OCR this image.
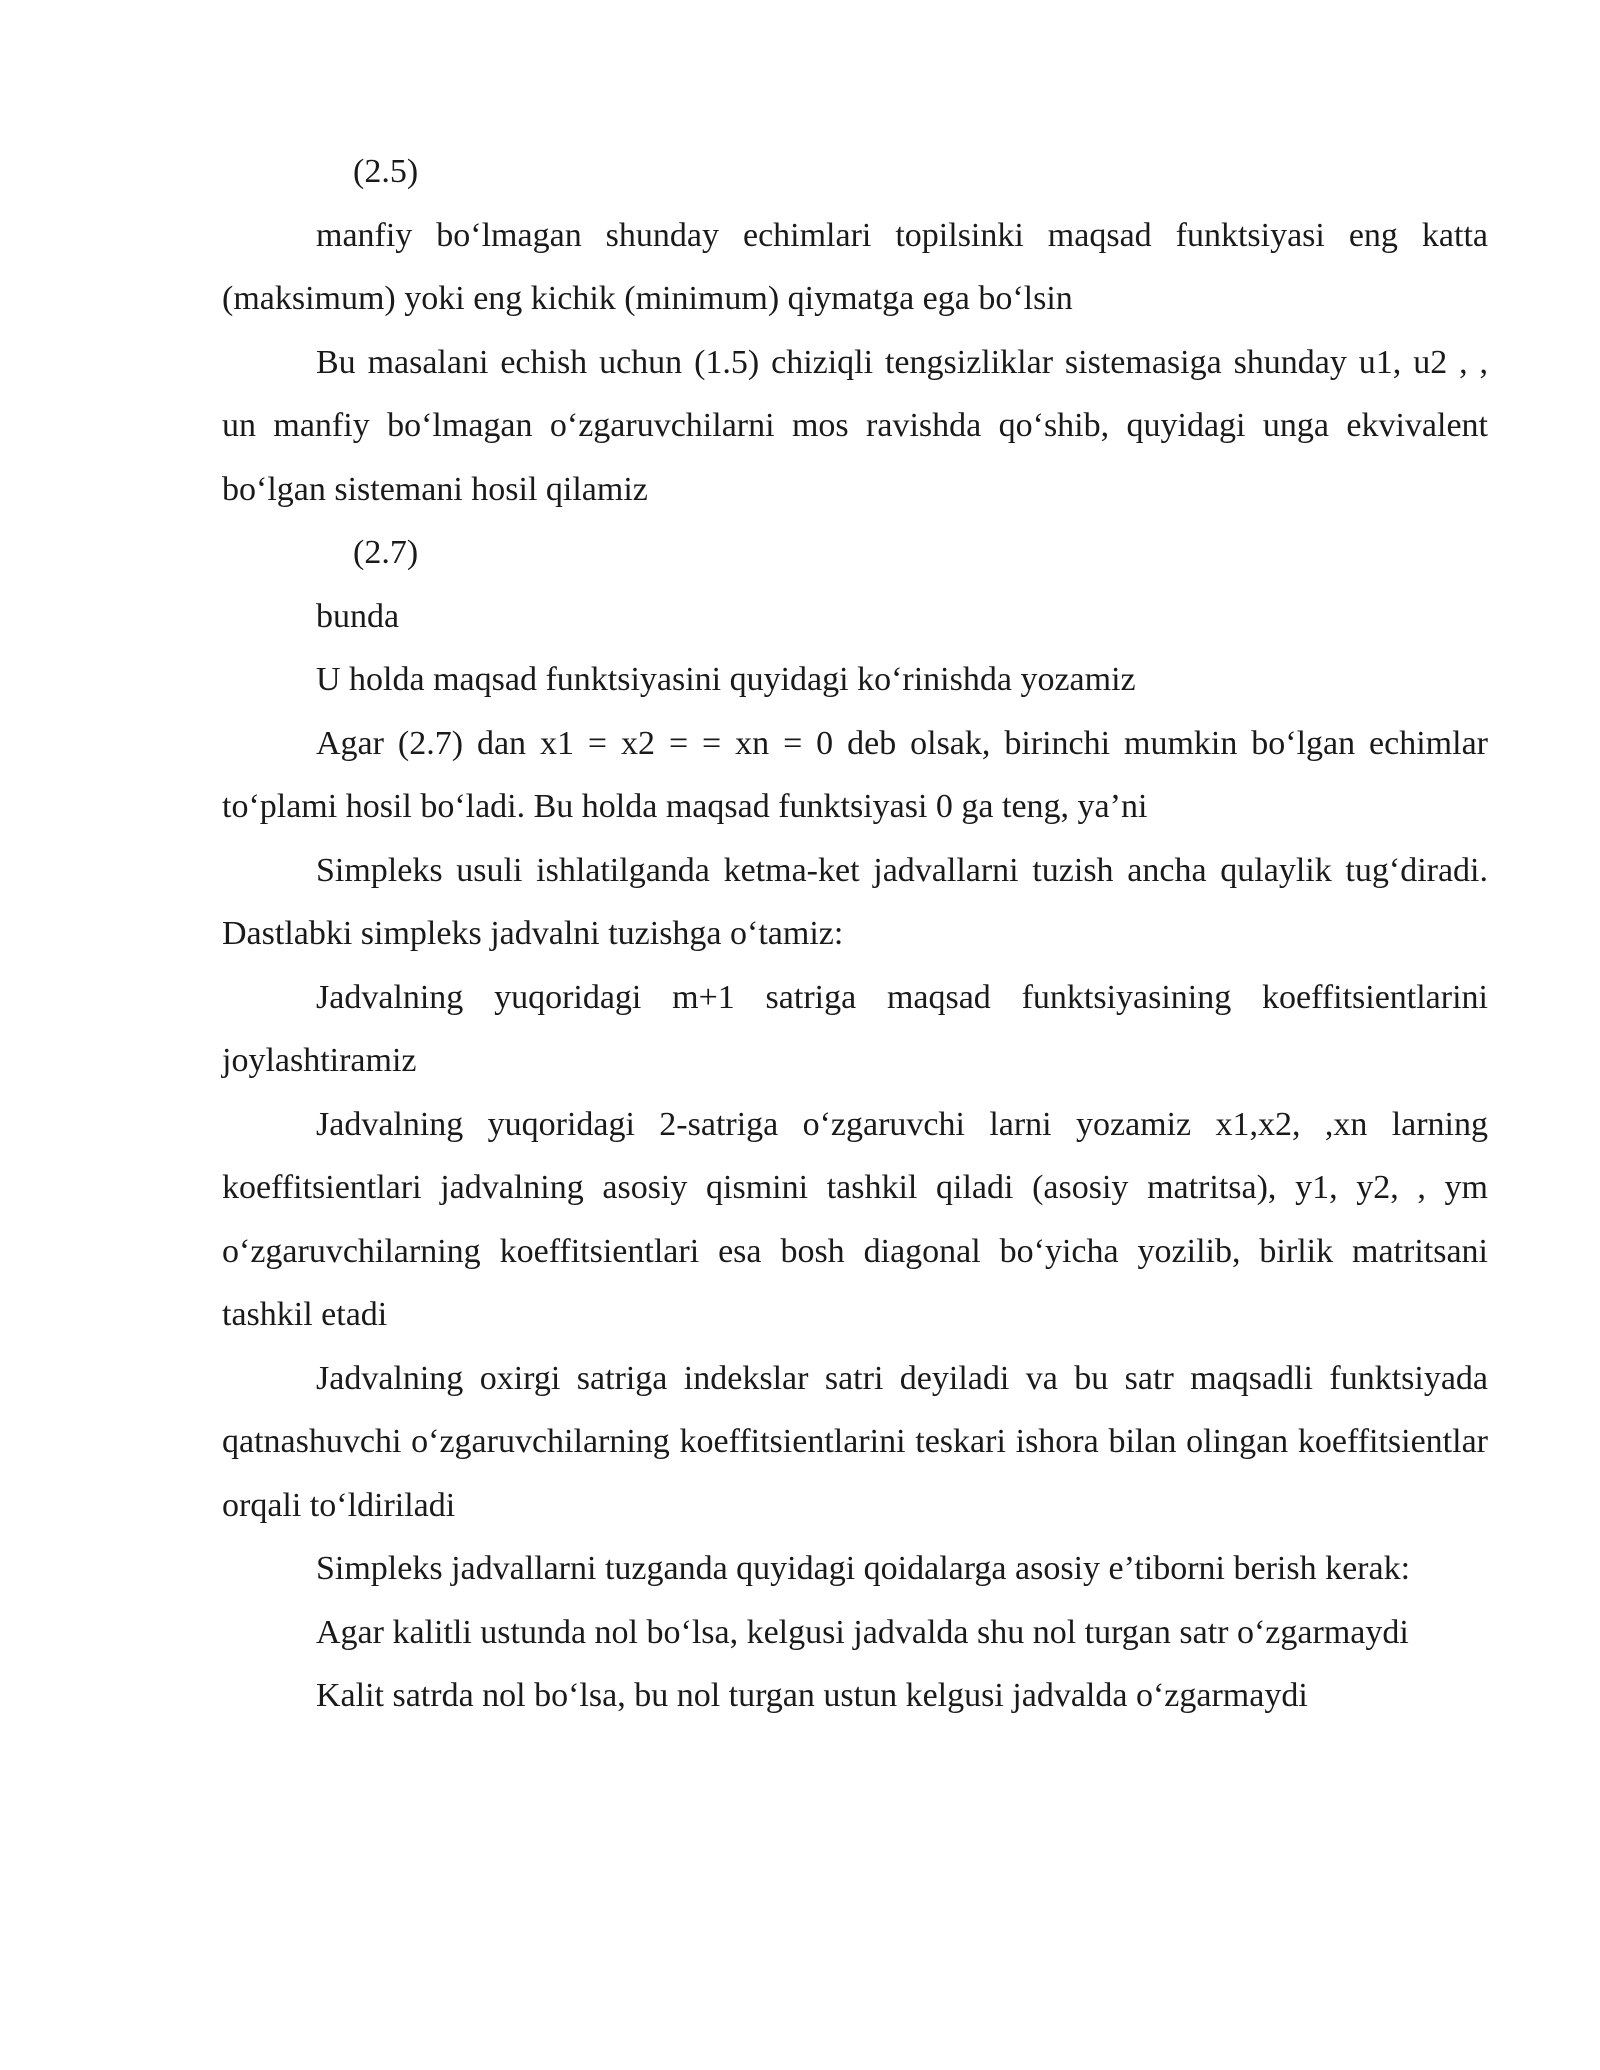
(2.5)

manfiy bo‘lmagan shunday echimlari topilsinki maqsad funktsiyasi eng katta (maksimum) yoki eng kichik (minimum) qiymatga ega bo‘lsin

Bu masalani echish uchun (1.5) chiziqli tengsizliklar sistemasiga shunday u1, u2 , , un manfiy bo‘lmagan o‘zgaruvchilarni mos ravishda qo‘shib, quyidagi unga ekvivalent bo‘lgan sistemani hosil qilamiz

(2.7)

bunda

U holda maqsad funktsiyasini quyidagi ko‘rinishda yozamiz

Agar (2.7) dan x1 = x2 = = xn = 0 deb olsak, birinchi mumkin bo‘lgan echimlar to‘plami hosil bo‘ladi. Bu holda maqsad funktsiyasi 0 ga teng, ya’ni

Simpleks usuli ishlatilganda ketma-ket jadvallarni tuzish ancha qulaylik tug‘diradi. Dastlabki simpleks jadvalni tuzishga o‘tamiz:

Jadvalning yuqoridagi m+1 satriga maqsad funktsiyasining koeffitsientlarini joylashtiramiz

Jadvalning yuqoridagi 2-satriga o‘zgaruvchi larni yozamiz x1,x2, ,xn larning koeffitsientlari jadvalning asosiy qismini tashkil qiladi (asosiy matritsa), y1, y2, , ym o‘zgaruvchilarning koeffitsientlari esa bosh diagonal bo‘yicha yozilib, birlik matritsani tashkil etadi

Jadvalning oxirgi satriga indekslar satri deyiladi va bu satr maqsadli funktsiyada qatnashuvchi o‘zgaruvchilarning koeffitsientlarini teskari ishora bilan olingan koeffitsientlar orqali to‘ldiriladi

Simpleks jadvallarni tuzganda quyidagi qoidalarga asosiy e’tiborni berish kerak:

Agar kalitli ustunda nol bo‘lsa, kelgusi jadvalda shu nol turgan satr o‘zgarmaydi

Kalit satrda nol bo‘lsa, bu nol turgan ustun kelgusi jadvalda o‘zgarmaydi
